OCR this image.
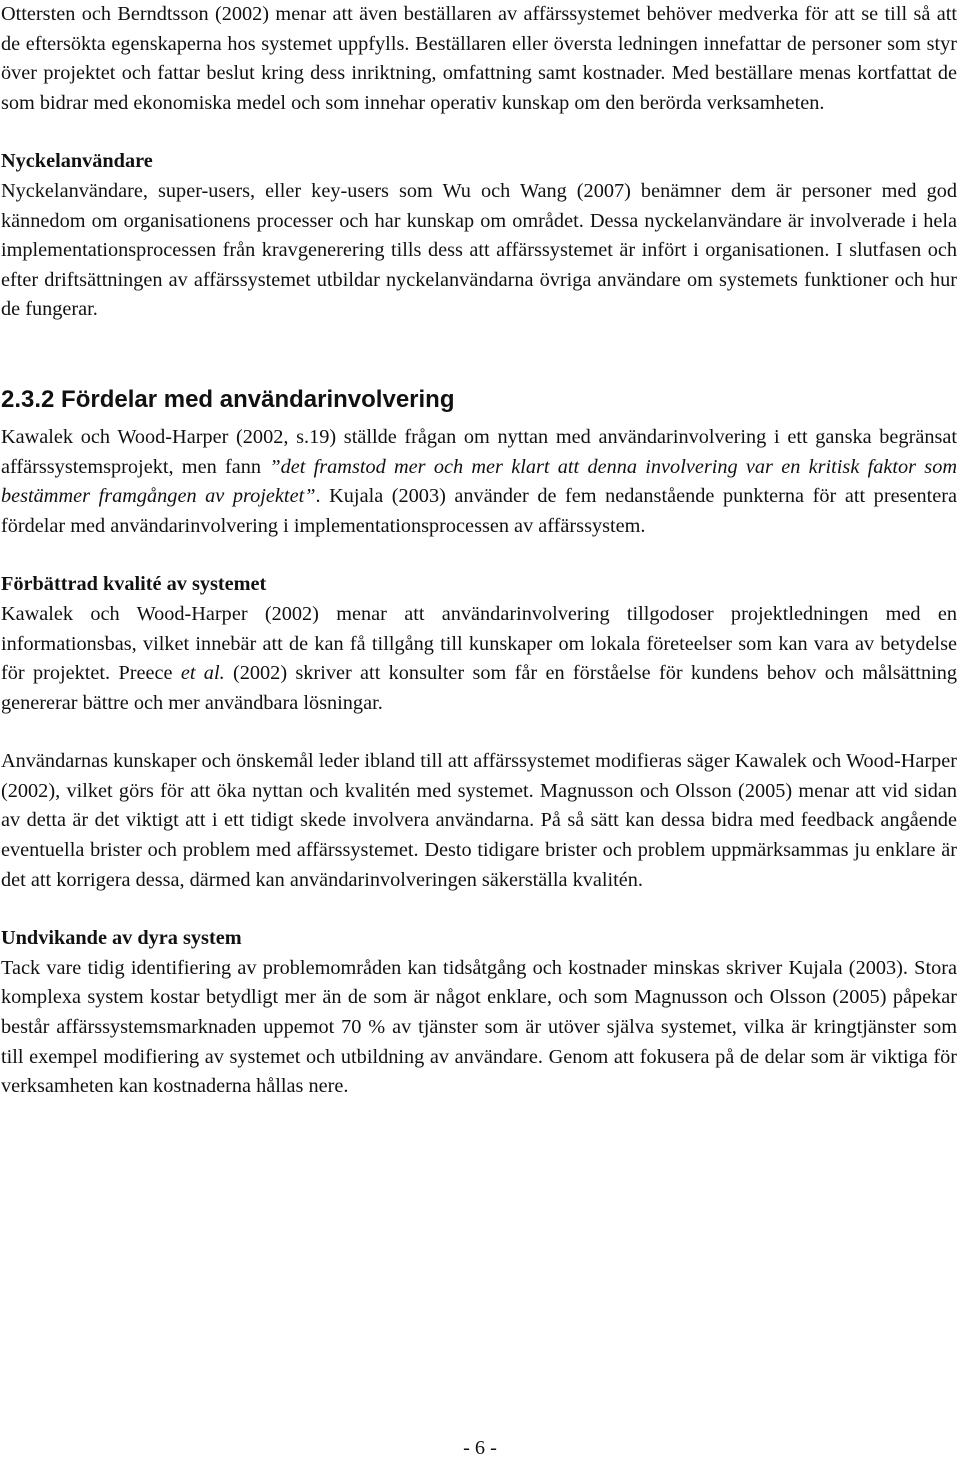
Ottersten och Berndtsson (2002) menar att även beställaren av affärssystemet behöver medverka för att se till så att de eftersökta egenskaperna hos systemet uppfylls. Beställaren eller översta ledningen innefattar de personer som styr över projektet och fattar beslut kring dess inriktning, omfattning samt kostnader. Med beställare menas kortfattat de som bidrar med ekonomiska medel och som innehar operativ kunskap om den berörda verksamheten.

Nyckelanvändare

Nyckelanvändare, super-users, eller key-users som Wu och Wang (2007) benämner dem är personer med god kännedom om organisationens processer och har kunskap om området. Dessa nyckelanvändare är involverade i hela implementationsprocessen från kravgenerering tills dess att affärssystemet är infört i organisationen. I slutfasen och efter driftsättningen av affärssystemet utbildar nyckelanvändarna övriga användare om systemets funktioner och hur de fungerar.

2.3.2 Fördelar med användarinvolvering

Kawalek och Wood-Harper (2002, s.19) ställde frågan om nyttan med användarinvolvering i ett ganska begränsat affärssystemsprojekt, men fann ”det framstod mer och mer klart att denna involvering var en kritisk faktor som bestämmer framgången av projektet”. Kujala (2003) använder de fem nedanstående punkterna för att presentera fördelar med användarinvolvering i implementationsprocessen av affärssystem.

Förbättrad kvalité av systemet

Kawalek och Wood-Harper (2002) menar att användarinvolvering tillgodoser projektledningen med en informationsbas, vilket innebär att de kan få tillgång till kunskaper om lokala företeelser som kan vara av betydelse för projektet. Preece et al. (2002) skriver att konsulter som får en förståelse för kundens behov och målsättning genererar bättre och mer användbara lösningar.

Användarnas kunskaper och önskemål leder ibland till att affärssystemet modifieras säger Kawalek och Wood-Harper (2002), vilket görs för att öka nyttan och kvalitén med systemet. Magnusson och Olsson (2005) menar att vid sidan av detta är det viktigt att i ett tidigt skede involvera användarna. På så sätt kan dessa bidra med feedback angående eventuella brister och problem med affärssystemet. Desto tidigare brister och problem uppmärksammas ju enklare är det att korrigera dessa, därmed kan användarinvolveringen säkerställa kvalitén.

Undvikande av dyra system

Tack vare tidig identifiering av problemområden kan tidsåtgång och kostnader minskas skriver Kujala (2003). Stora komplexa system kostar betydligt mer än de som är något enklare, och som Magnusson och Olsson (2005) påpekar består affärssystemsmarknaden uppemot 70 % av tjänster som är utöver själva systemet, vilka är kringtjänster som till exempel modifiering av systemet och utbildning av användare. Genom att fokusera på de delar som är viktiga för verksamheten kan kostnaderna hållas nere.

- 6 -
